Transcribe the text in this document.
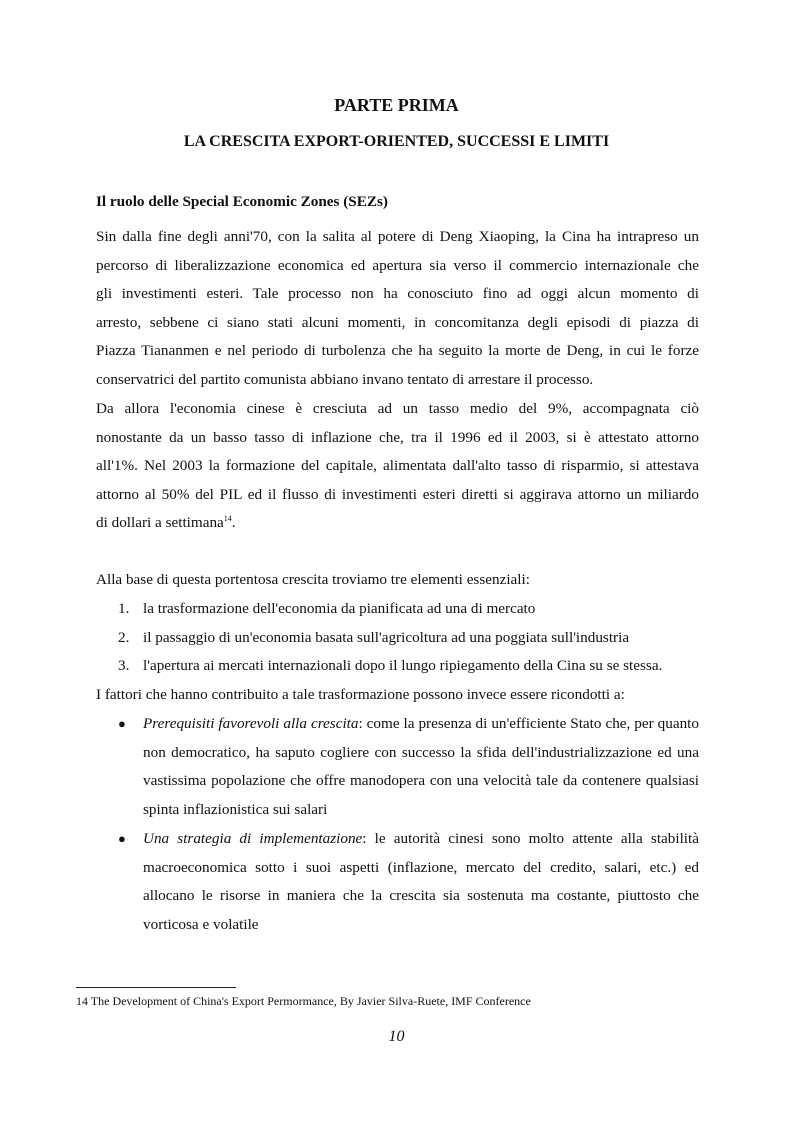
PARTE PRIMA
LA CRESCITA EXPORT-ORIENTED, SUCCESSI E LIMITI
Il ruolo delle Special Economic Zones (SEZs)
Sin dalla fine degli anni'70, con la salita al potere di Deng Xiaoping, la Cina ha intrapreso un
percorso di liberalizzazione economica ed apertura sia verso il commercio internazionale che
gli investimenti esteri. Tale processo non ha conosciuto fino ad oggi alcun momento di
arresto, sebbene ci siano stati alcuni momenti, in concomitanza degli episodi di piazza di
Piazza Tiananmen e nel periodo di turbolenza che ha seguito la morte de Deng, in cui le forze
conservatrici del partito comunista abbiano invano tentato di arrestare il processo.
Da allora l'economia cinese è cresciuta ad un tasso medio del 9%, accompagnata ciò
nonostante da un basso tasso di inflazione che, tra il 1996 ed il 2003, si è attestato attorno
all'1%. Nel 2003 la formazione del capitale, alimentata dall'alto tasso di risparmio, si attestava
attorno al 50% del PIL ed il flusso di investimenti esteri diretti si aggirava attorno un miliardo
di dollari a settimana$^{14}$.
Alla base di questa portentosa crescita troviamo tre elementi essenziali:
1. la trasformazione dell'economia da pianificata ad una di mercato
2. il passaggio di un'economia basata sull'agricoltura ad una poggiata sull'industria
3. l'apertura ai mercati internazionali dopo il lungo ripiegamento della Cina su se stessa.
I fattori che hanno contribuito a tale trasformazione possono invece essere ricondotti a:
● Prerequisiti favorevoli alla crescita: come la presenza di un'efficiente Stato che, per quanto non democratico, ha saputo cogliere con successo la sfida dell'industrializzazione ed una vastissima popolazione che offre manodopera con una velocità tale da contenere qualsiasi spinta inflazionistica sui salari
● Una strategia di implementazione: le autorità cinesi sono molto attente alla stabilità macroeconomica sotto i suoi aspetti (inflazione, mercato del credito, salari, etc.) ed allocano le risorse in maniera che la crescita sia sostenuta ma costante, piuttosto che vorticosa e volatile
14 The Development of China's Export Permormance, By Javier Silva-Ruete, IMF Conference
10
